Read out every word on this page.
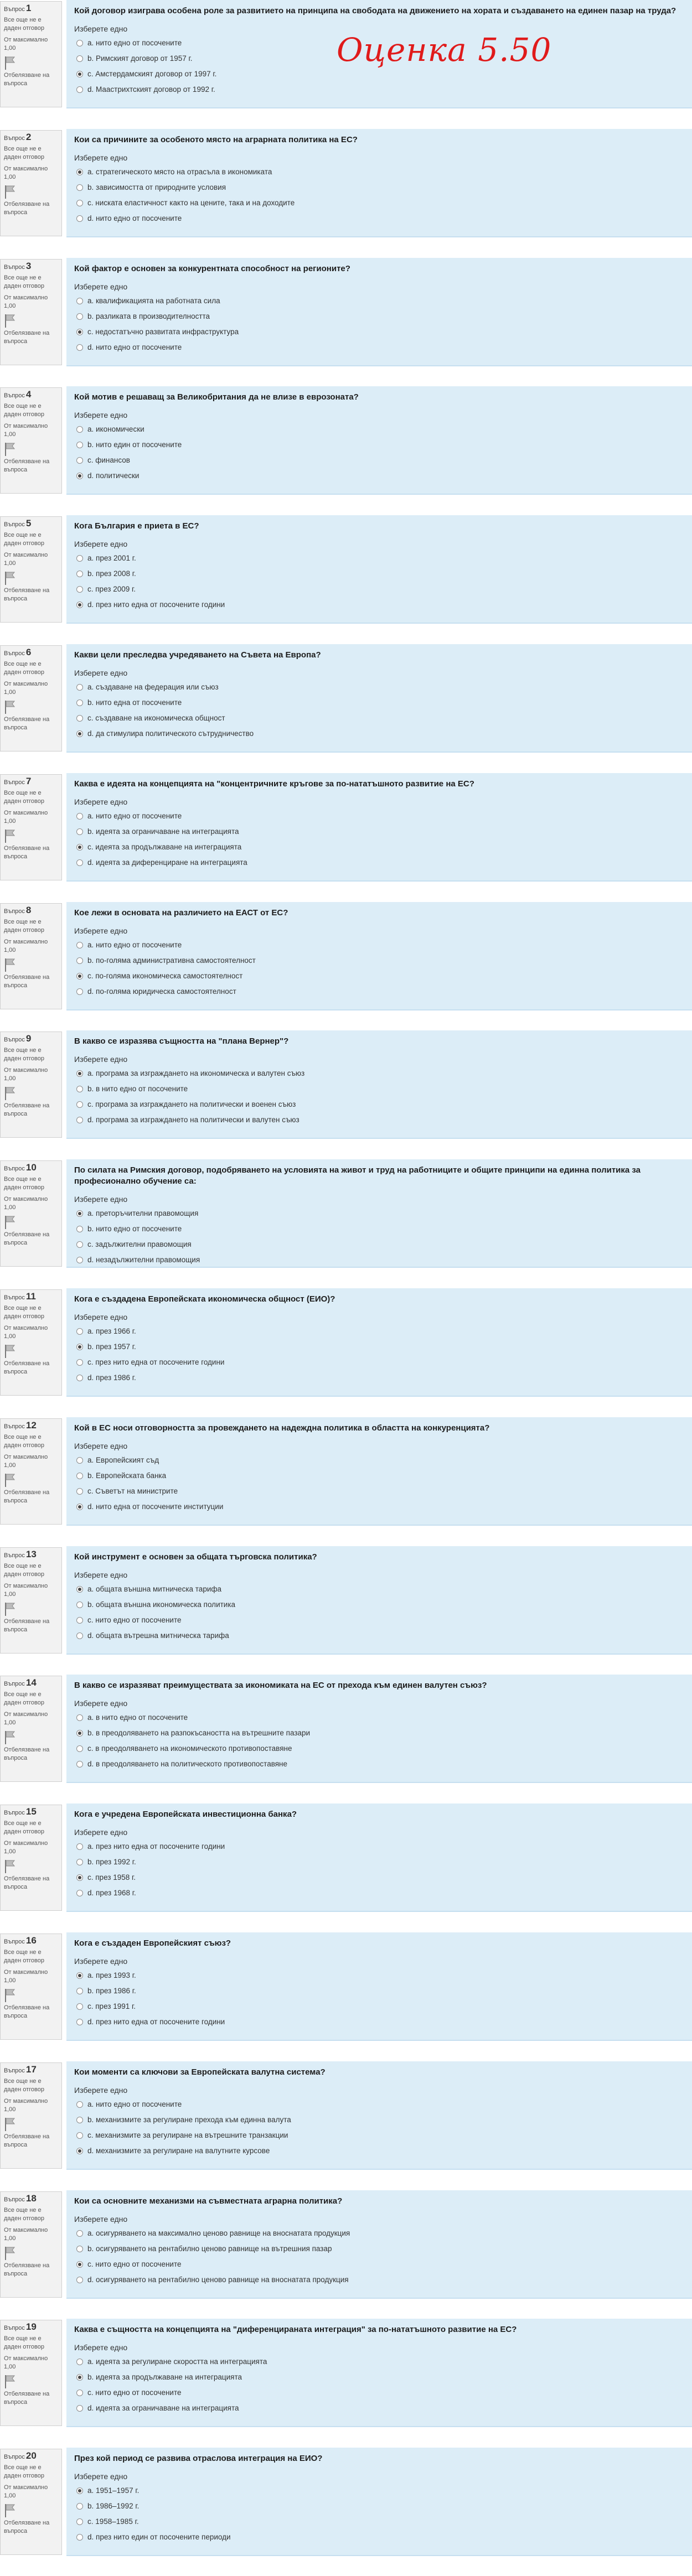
Въпрос 1
Все още не е даден отговор
От максимално 1,00
Отбелязване на въпроса

Кой договор изиграва особена роле за развитието на принципа на свободата на движението на хората и създаването на единен пазар на труда?

Изберете едно
a. нито едно от посочените
b. Римският договор от 1957 г.
c. Амстердамският договор от 1997 г.
d. Маастрихтският договор от 1992 г.
Въпрос 2
Все още не е даден отговор
От максимално 1,00
Отбелязване на въпроса

Кои са причините за особеното място на аграрната политика на ЕС?

Изберете едно
a. стратегическото място на отрасъла в икономиката
b. зависимостта от природните условия
c. ниската еластичност както на цените, така и на доходите
d. нито едно от посочените
Въпрос 3
Все още не е даден отговор
От максимално 1,00
Отбелязване на въпроса

Кой фактор е основен за конкурентната способност на регионите?

Изберете едно
a. квалификацията на работната сила
b. разликата в производителността
c. недостатъчно развитата инфраструктура
d. нито едно от посочените
Въпрос 4
Все още не е даден отговор
От максимално 1,00
Отбелязване на въпроса

Кой мотив е решаващ за Великобритания да не влизе в еврозоната?

Изберете едно
a. икономически
b. нито един от посочените
c. финансов
d. политически
Въпрос 5
Все още не е даден отговор
От максимално 1,00
Отбелязване на въпроса

Кога България е приета в ЕС?

Изберете едно
a. през 2001 г.
b. през 2008 г.
c. през 2009 г.
d. през нито една от посочените години
Въпрос 6
Все още не е даден отговор
От максимално 1,00
Отбелязване на въпроса

Какви цели преследва учредяването на Съвета на Европа?

Изберете едно
a. създаване на федерация или съюз
b. нито една от посочените
c. създаване на икономическа общност
d. да стимулира политическото сътрудничество
Въпрос 7
Все още не е даден отговор
От максимално 1,00
Отбелязване на въпроса

Каква е идеята на концепцията на "концентричните кръгове за по-нататъшното развитие на ЕС?

Изберете едно
a. нито едно от посочените
b. идеята за ограничаване на интеграцията
c. идеята за продължаване на интеграцията
d. идеята за диференциране на интеграцията
Въпрос 8
Все още не е даден отговор
От максимално 1,00
Отбелязване на въпроса

Кое лежи в основата на различието на ЕАСТ от ЕС?

Изберете едно
a. нито едно от посочените
b. по-голяма административна самостоятелност
c. по-голяма икономическа самостоятелност
d. по-голяма юридическа самостоятелност
Въпрос 9
Все още не е даден отговор
От максимално 1,00
Отбелязване на въпроса

В какво се изразява същността на "плана Вернер"?

Изберете едно
a. програма за изграждането на икономическа и валутен съюз
b. в нито едно от посочените
c. програма за изграждането на политически и военен съюз
d. програма за изграждането на политически и валутен съюз
Въпрос 10
Все още не е даден отговор
От максимално 1,00
Отбелязване на въпроса

По силата на Римския договор, подобряването на условията на живот и труд на работниците и общите принципи на единна политика за професионално обучение са:

Изберете едно
a. преторъчителни правомощия
b. нито едно от посочените
c. задължителни правомощия
d. незадължителни правомощия
Въпрос 11
Все още не е даден отговор
От максимално 1,00
Отбелязване на въпроса

Кога е създадена Европейската икономическа общност (ЕИО)?

Изберете едно
a. през 1966 г.
b. през 1957 г.
c. през нито една от посочените години
d. през 1986 г.
Въпрос 12
Все още не е даден отговор
От максимално 1,00
Отбелязване на въпроса

Кой в ЕС носи отговорността за провеждането на надеждна политика в областта на конкуренцията?

Изберете едно
a. Европейският съд
b. Европейската банка
c. Съветът на министрите
d. нито една от посочените институции
Въпрос 13
Все още не е даден отговор
От максимално 1,00
Отбелязване на въпроса

Кой инструмент е основен за общата търговска политика?

Изберете едно
a. общата външна митническа тарифа
b. общата външна икономическа политика
c. нито едно от посочените
d. общата вътрешна митническа тарифа
Въпрос 14
Все още не е даден отговор
От максимално 1,00
Отбелязване на въпроса

В какво се изразяват преимуществата за икономиката на ЕС от прехода към единен валутен съюз?

Изберете едно
a. в нито едно от посочените
b. в преодоляването на разпокъсаността на вътрешните пазари
c. в преодоляването на икономическото противопоставяне
d. в преодоляването на политическото противопоставяне
Въпрос 15
Все още не е даден отговор
От максимално 1,00
Отбелязване на въпроса

Кога е учредена Европейската инвестиционна банка?

Изберете едно
a. през нито една от посочените години
b. през 1992 г.
c. през 1958 г.
d. през 1968 г.
Въпрос 16
Все още не е даден отговор
От максимално 1,00
Отбелязване на въпроса

Кога е създаден Европейският съюз?

Изберете едно
a. през 1993 г.
b. през 1986 г.
c. през 1991 г.
d. през нито една от посочените години
Въпрос 17
Все още не е даден отговор
От максимално 1,00
Отбелязване на въпроса

Кои моменти са ключови за Европейската валутна система?

Изберете едно
a. нито едно от посочените
b. механизмите за регулиране прехода към единна валута
c. механизмите за регулиране на вътрешните транзакции
d. механизмите за регулиране на валутните курсове
Въпрос 18
Все още не е даден отговор
От максимално 1,00
Отбелязване на въпроса

Кои са основните механизми на съвместната аграрна политика?

Изберете едно
a. осигуряването на максимално ценово равнище на вноснатата продукция
b. осигуряването на рентабилно ценово равнище на вътрешния пазар
c. нито едно от посочените
d. осигуряването на рентабилно ценово равнище на вноснатата продукция
Въпрос 19
Все още не е даден отговор
От максимално 1,00
Отбелязване на въпроса

Каква е същността на концепцията на "диференцираната интеграция" за по-нататъшното развитие на ЕС?

Изберете едно
a. идеята за регулиране скоростта на интеграцията
b. идеята за продължаване на интеграцията
c. нито едно от посочените
d. идеята за ограничаване на интеграцията
Въпрос 20
Все още не е даден отговор
От максимално 1,00
Отбелязване на въпроса

През кой период се развива отраслова интеграция на ЕИО?

Изберете едно
a. 1951–1957 г.
b. 1986–1992 г.
c. 1958–1985 г.
d. през нито един от посочените периоди
Оценка 5.50
